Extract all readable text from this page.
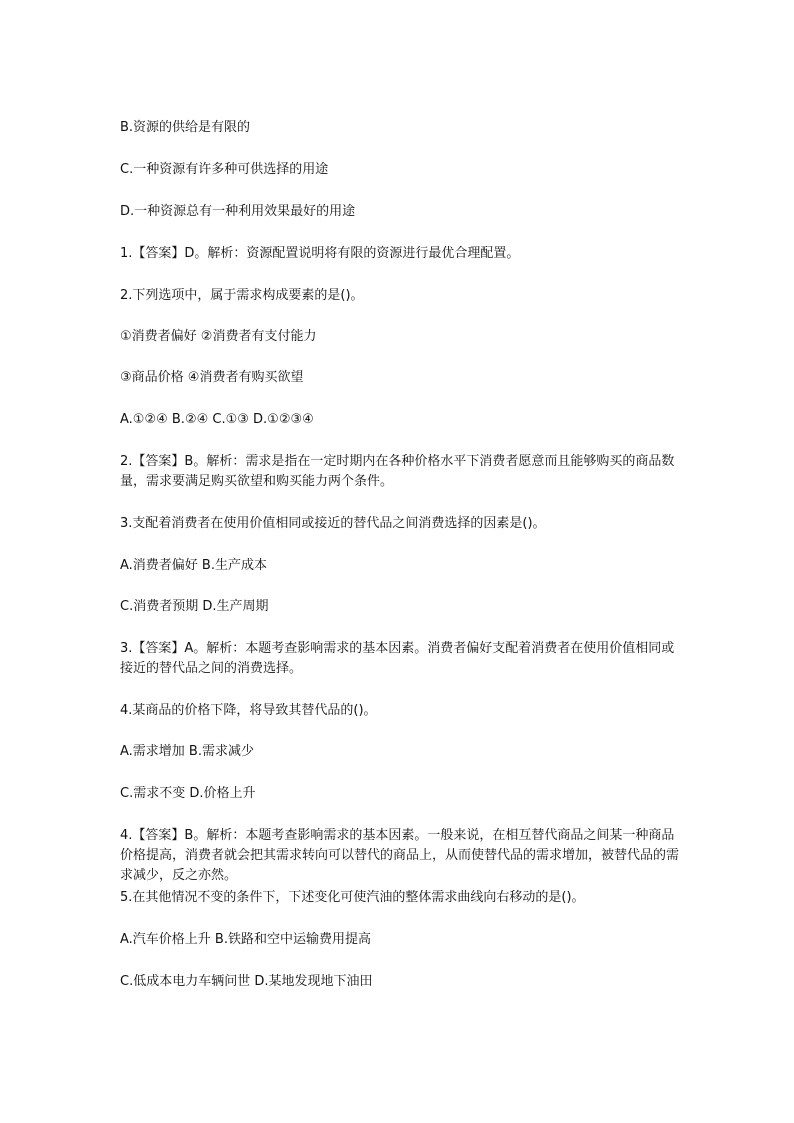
B.资源的供给是有限的
C.一种资源有许多种可供选择的用途
D.一种资源总有一种利用效果最好的用途
1.【答案】D。解析：资源配置说明将有限的资源进行最优合理配置。
2.下列选项中，属于需求构成要素的是()。
①消费者偏好 ②消费者有支付能力
③商品价格 ④消费者有购买欲望
A.①②④ B.②④ C.①③ D.①②③④
2.【答案】B。解析：需求是指在一定时期内在各种价格水平下消费者愿意而且能够购买的商品数量，需求要满足购买欲望和购买能力两个条件。
3.支配着消费者在使用价值相同或接近的替代品之间消费选择的因素是()。
A.消费者偏好 B.生产成本
C.消费者预期 D.生产周期
3.【答案】A。解析：本题考查影响需求的基本因素。消费者偏好支配着消费者在使用价值相同或接近的替代品之间的消费选择。
4.某商品的价格下降，将导致其替代品的()。
A.需求增加 B.需求减少
C.需求不变 D.价格上升
4.【答案】B。解析：本题考查影响需求的基本因素。一般来说，在相互替代商品之间某一种商品价格提高，消费者就会把其需求转向可以替代的商品上，从而使替代品的需求增加，被替代品的需求减少，反之亦然。
5.在其他情况不变的条件下，下述变化可使汽油的整体需求曲线向右移动的是()。
A.汽车价格上升 B.铁路和空中运输费用提高
C.低成本电力车辆问世 D.某地发现地下油田
